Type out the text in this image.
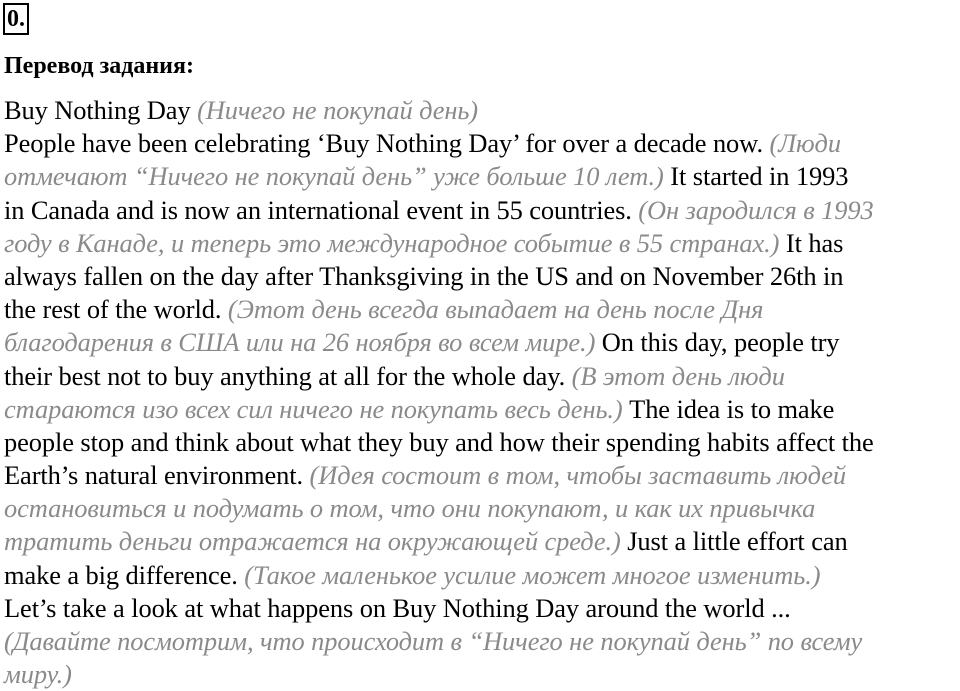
0.
Перевод задания:
Buy Nothing Day (Ничего не покупай день)
People have been celebrating ‘Buy Nothing Day’ for over a decade now. (Люди
отмечают “Ничего не покупай день” уже больше 10 лет.) It started in 1993
in Canada and is now an international event in 55 countries. (Он зародился в 1993
году в Канаде, и теперь это международное событие в 55 странах.) It has
always fallen on the day after Thanksgiving in the US and on November 26th in
the rest of the world. (Этот день всегда выпадает на день после Дня
благодарения в США или на 26 ноября во всем мире.) On this day, people try
their best not to buy anything at all for the whole day. (В этот день люди
стараются изо всех сил ничего не покупать весь день.) The idea is to make
people stop and think about what they buy and how their spending habits affect the
Earth’s natural environment. (Идея состоит в том, чтобы заставить людей
остановиться и подумать о том, что они покупают, и как их привычка
тратить деньги отражается на окружающей среде.) Just a little effort can
make a big difference. (Такое маленькое усилие может многое изменить.)
Let’s take a look at what happens on Buy Nothing Day around the world ...
(Давайте посмотрим, что происходит в “Ничего не покупай день” по всему
миру.)
